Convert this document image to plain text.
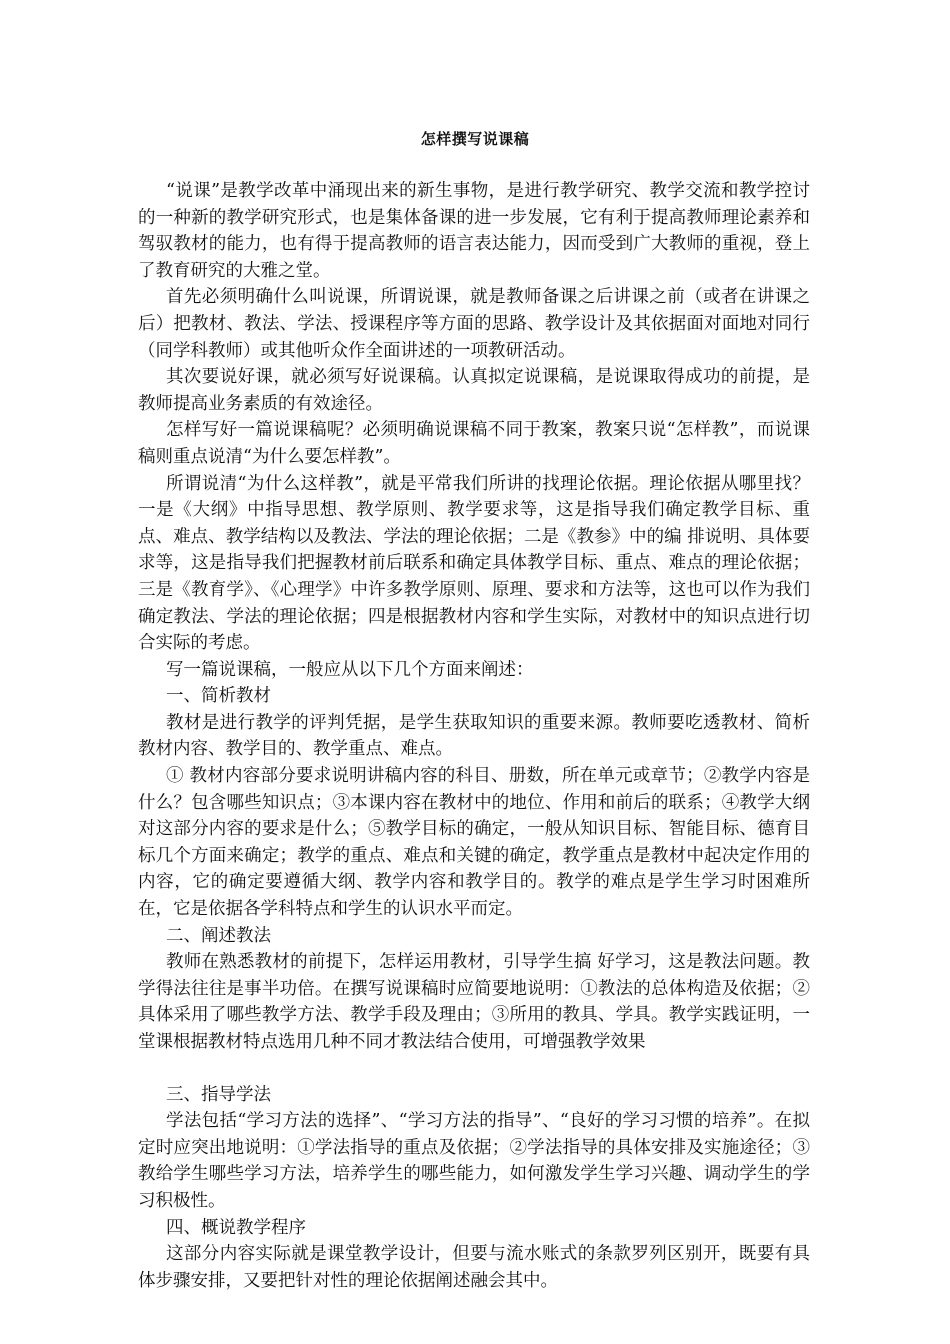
怎样撰写说课稿

“说课”是教学改革中涌现出来的新生事物，是进行教学研究、教学交流和教学控讨的一种新的教学研究形式，也是集体备课的进一步发展，它有利于提高教师理论素养和驾驭教材的能力，也有得于提高教师的语言表达能力，因而受到广大教师的重视，登上了教育研究的大雅之堂。

首先必须明确什么叫说课，所谓说课，就是教师备课之后讲课之前（或者在讲课之后）把教材、教法、学法、授课程序等方面的思路、教学设计及其依据面对面地对同行（同学科教师）或其他听众作全面讲述的一项教研活动。

其次要说好课，就必须写好说课稿。认真拟定说课稿，是说课取得成功的前提，是教师提高业务素质的有效途径。

怎样写好一篇说课稿呢？必须明确说课稿不同于教案，教案只说“怎样教”，而说课稿则重点说清“为什么要怎样教”。

所谓说清“为什么这样教”，就是平常我们所讲的找理论依据。理论依据从哪里找？一是《大纲》中指导思想、教学原则、教学要求等，这是指导我们确定教学目标、重点、难点、教学结构以及教法、学法的理论依据；二是《教参》中的编 排说明、具体要求等，这是指导我们把握教材前后联系和确定具体教学目标、重点、难点的理论依据；三是《教育学》、《心理学》中许多教学原则、原理、要求和方法等，这也可以作为我们确定教法、学法的理论依据；四是根据教材内容和学生实际，对教材中的知识点进行切合实际的考虑。

写一篇说课稿，一般应从以下几个方面来阐述：

一、简析教材

教材是进行教学的评判凭据，是学生获取知识的重要来源。教师要吃透教材、简析教材内容、教学目的、教学重点、难点。

① 教材内容部分要求说明讲稿内容的科目、册数，所在单元或章节；②教学内容是什么？包含哪些知识点；③本课内容在教材中的地位、作用和前后的联系；④教学大纲对这部分内容的要求是什么；⑤教学目标的确定，一般从知识目标、智能目标、德育目标几个方面来确定；教学的重点、难点和关键的确定，教学重点是教材中起决定作用的内容，它的确定要遵循大纲、教学内容和教学目的。教学的难点是学生学习时困难所在，它是依据各学科特点和学生的认识水平而定。

二、阐述教法

教师在熟悉教材的前提下，怎样运用教材，引导学生搞 好学习，这是教法问题。教学得法往往是事半功倍。在撰写说课稿时应简要地说明：①教法的总体构造及依据；②具体采用了哪些教学方法、教学手段及理由；③所用的教具、学具。教学实践证明，一堂课根据教材特点选用几种不同才教法结合使用，可增强教学效果

三、指导学法

学法包括“学习方法的选择”、“学习方法的指导”、“良好的学习习惯的培养”。在拟定时应突出地说明：①学法指导的重点及依据；②学法指导的具体安排及实施途径；③教给学生哪些学习方法，培养学生的哪些能力，如何激发学生学习兴趣、调动学生的学习积极性。

四、概说教学程序

这部分内容实际就是课堂教学设计，但要与流水账式的条款罗列区别开，既要有具体步骤安排，又要把针对性的理论依据阐述融会其中。
